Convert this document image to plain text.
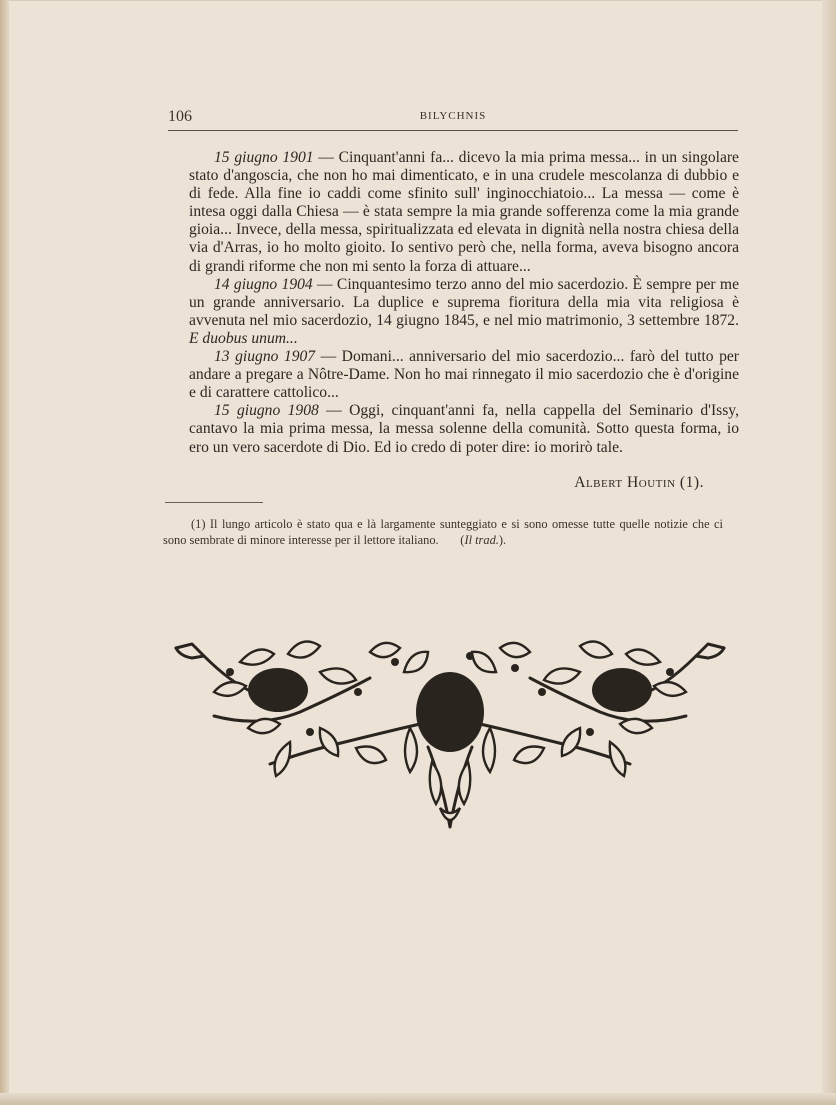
106	BILYCHNIS

15 giugno 1901 — Cinquant'anni fa... dicevo la mia prima messa... in un singolare stato d'angoscia, che non ho mai dimenticato, e in una crudele mescolanza di dubbio e di fede. Alla fine io caddi come sfinito sull' inginocchiatoio... La messa — come è intesa oggi dalla Chiesa — è stata sempre la mia grande sofferenza come la mia grande gioia... Invece, della messa, spiritualizzata ed elevata in dignità nella nostra chiesa della via d'Arras, io ho molto gioito. Io sentivo però che, nella forma, aveva bisogno ancora di grandi riforme che non mi sento la forza di attuare...

14 giugno 1904 — Cinquantesimo terzo anno del mio sacerdozio. È sempre per me un grande anniversario. La duplice e suprema fioritura della mia vita religiosa è avvenuta nel mio sacerdozio, 14 giugno 1845, e nel mio matrimonio, 3 settembre 1872. E duobus unum...

13 giugno 1907 — Domani... anniversario del mio sacerdozio... farò del tutto per andare a pregare a Nôtre-Dame. Non ho mai rinnegato il mio sacerdozio che è d'origine e di carattere cattolico...

15 giugno 1908 — Oggi, cinquant'anni fa, nella cappella del Seminario d'Issy, cantavo la mia prima messa, la messa solenne della comunità. Sotto questa forma, io ero un vero sacerdote di Dio. Ed io credo di poter dire: io morirò tale.

Albert Houtin (1).

(1) Il lungo articolo è stato qua e là largamente sunteggiato e si sono omesse tutte quelle notizie che ci sono sembrate di minore interesse per il lettore italiano. (Il trad.).
